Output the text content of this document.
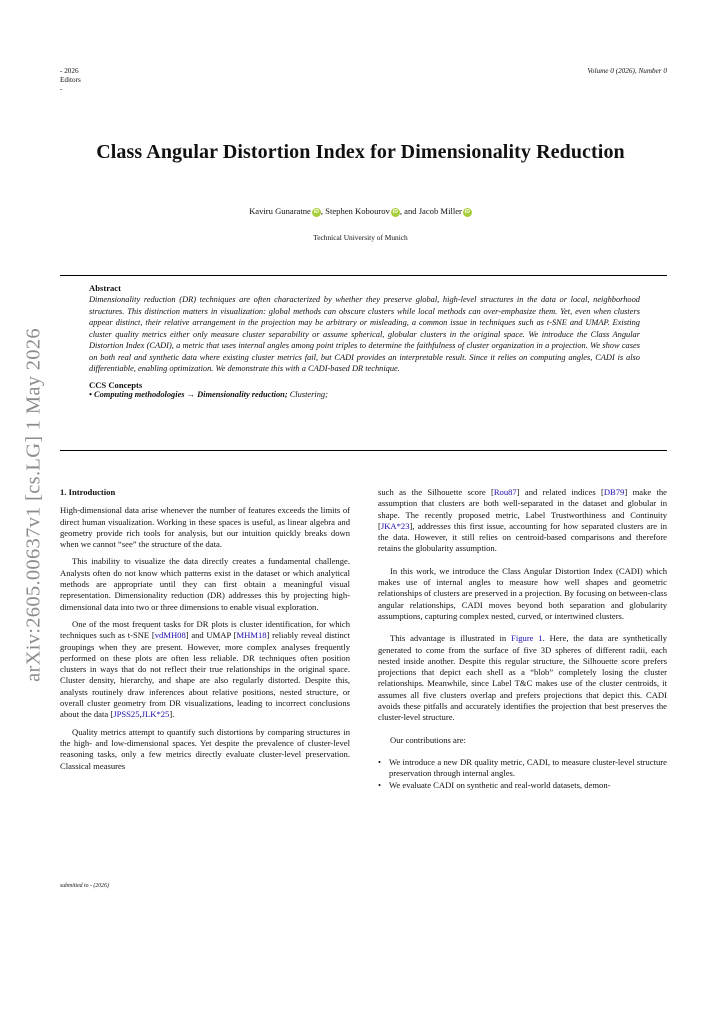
- 2026
Editors
-
Volume 0 (2026), Number 0
Class Angular Distortion Index for Dimensionality Reduction
Kaviru Gunaratne iD , Stephen Kobourov iD , and Jacob Miller iD
Technical University of Munich
Abstract
Dimensionality reduction (DR) techniques are often characterized by whether they preserve global, high-level structures in the data or local, neighborhood structures. This distinction matters in visualization: global methods can obscure clusters while local methods can over-emphasize them. Yet, even when clusters appear distinct, their relative arrangement in the projection may be arbitrary or misleading, a common issue in techniques such as t-SNE and UMAP. Existing cluster quality metrics either only measure cluster separability or assume spherical, globular clusters in the original space. We introduce the Class Angular Distortion Index (CADI), a metric that uses internal angles among point triples to determine the faithfulness of cluster organization in a projection. We show cases on both real and synthetic data where existing cluster metrics fail, but CADI provides an interpretable result. Since it relies on computing angles, CADI is also differentiable, enabling optimization. We demonstrate this with a CADI-based DR technique.
CCS Concepts
• Computing methodologies → Dimensionality reduction; Clustering;
arXiv:2605.00637v1 [cs.LG] 1 May 2026 1. Introduction

High-dimensional data arise whenever the number of features exceeds the limits of direct human visualization. Working in these spaces is useful, as linear algebra and geometry provide rich tools for analysis, but our intuition quickly breaks down when we cannot “see” the structure of the data.

This inability to visualize the data directly creates a fundamental challenge. Analysts often do not know which patterns exist in the dataset or which analytical methods are appropriate until they can first obtain a meaningful visual representation. Dimensionality reduction (DR) addresses this by projecting high-dimensional data into two or three dimensions to enable visual exploration.

One of the most frequent tasks for DR plots is cluster identification, for which techniques such as t-SNE [vdMH08] and UMAP [MHM18] reliably reveal distinct groupings when they are present. However, more complex analyses frequently performed on these plots are often less reliable. DR techniques often position clusters in ways that do not reflect their true relationships in the original space. Cluster density, hierarchy, and shape are also regularly distorted. Despite this, analysts routinely draw inferences about relative positions, nested structure, or overall cluster geometry from DR visualizations, leading to incorrect conclusions about the data [JPSS25,JLK*25].

Quality metrics attempt to quantify such distortions by comparing structures in the high- and low-dimensional spaces. Yet despite the prevalence of cluster-level reasoning tasks, only a few metrics directly evaluate cluster-level preservation. Classical measures

such as the Silhouette score [Rou87] and related indices [DB79] make the assumption that clusters are both well-separated in the dataset and globular in shape. The recently proposed metric, Label Trustworthiness and Continuity [JKA*23], addresses this first issue, accounting for how separated clusters are in the data. However, it still relies on centroid-based comparisons and therefore retains the globularity assumption.

In this work, we introduce the Class Angular Distortion Index (CADI) which makes use of internal angles to measure how well shapes and geometric relationships of clusters are preserved in a projection. By focusing on between-class angular relationships, CADI moves beyond both separation and globularity assumptions, capturing complex nested, curved, or intertwined clusters.

This advantage is illustrated in Figure 1. Here, the data are synthetically generated to come from the surface of five 3D spheres of different radii, each nested inside another. Despite this regular structure, the Silhouette score prefers projections that depict each shell as a “blob” completely losing the cluster relationships. Meanwhile, since Label T&C makes use of the cluster centroids, it assumes all five clusters overlap and prefers projections that depict this. CADI avoids these pitfalls and accurately identifies the projection that best preserves the cluster-level structure.

Our contributions are:

• We introduce a new DR quality metric, CADI, to measure cluster-level structure preservation through internal angles.
• We evaluate CADI on synthetic and real-world datasets, demon-
submitted to - (2026)
